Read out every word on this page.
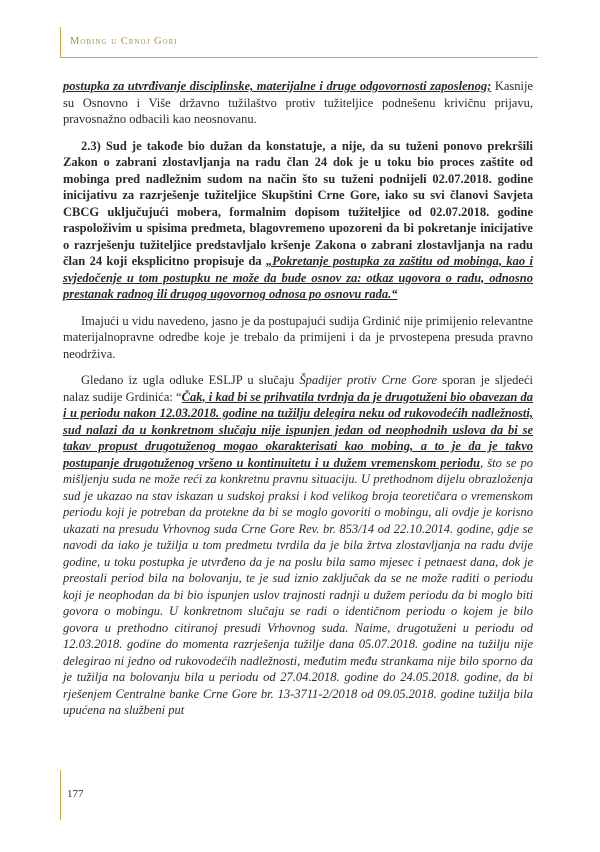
Mobing u Crnoj Gori

postupka za utvrđivanje disciplinske, materijalne i druge odgovornosti zaposlenog; Kasnije su Osnovno i Više državno tužilaštvo protiv tužiteljice podnešenu krivičnu prijavu, pravosnažno odbacili kao neosnovanu.

2.3) Sud je takođe bio dužan da konstatuje, a nije, da su tuženi ponovo prekršili Zakon o zabrani zlostavljanja na radu član 24 dok je u toku bio proces zaštite od mobinga pred nadležnim sudom na način što su tuženi podnijeli 02.07.2018. godine inicijativu za razrješenje tužiteljice Skupštini Crne Gore, iako su svi članovi Savjeta CBCG uključujući mobera, formalnim dopisom tužiteljice od 02.07.2018. godine raspoloživim u spisima predmeta, blagovremeno upozoreni da bi pokretanje inicijative o razrješenju tužiteljice predstavljalo kršenje Zakona o zabrani zlostavljanja na radu član 24 koji eksplicitno propisuje da „Pokretanje postupka za zaštitu od mobinga, kao i svjedočenje u tom postupku ne može da bude osnov za: otkaz ugovora o radu, odnosno prestanak radnog ili drugog ugovornog odnosa po osnovu rada.“

Imajući u vidu navedeno, jasno je da postupajući sudija Grdinić nije primijenio relevantne materijalnopravne odredbe koje je trebalo da primijeni i da je prvostepena presuda pravno neodrživa.

Gledano iz ugla odluke ESLJP u slučaju Špadijer protiv Crne Gore sporan je sljedeći nalaz sudije Grdinića: “Čak, i kad bi se prihvatila tvrdnja da je drugotuženi bio obavezan da i u periodu nakon 12.03.2018. godine na tužilju delegira neku od rukovodećih nadležnosti, sud nalazi da u konkretnom slučaju nije ispunjen jedan od neophodnih uslova da bi se takav propust drugotuženog mogao okarakterisati kao mobing, a to je da je takvo postupanje drugotuženog vršeno u kontinuitetu i u dužem vremenskom periodu, što se po mišljenju suda ne može reći za konkretnu pravnu situaciju. U prethodnom dijelu obrazloženja sud je ukazao na stav iskazan u sudskoj praksi i kod velikog broja teoretičara o vremenskom periodu koji je potreban da protekne da bi se moglo govoriti o mobingu, ali ovdje je korisno ukazati na presudu Vrhovnog suda Crne Gore Rev. br. 853/14 od 22.10.2014. godine, gdje se navodi da iako je tužilja u tom predmetu tvrdila da je bila žrtva zlostavljanja na radu dvije godine, u toku postupka je utvrđeno da je na poslu bila samo mjesec i petnaest dana, dok je preostali period bila na bolovanju, te je sud iznio zaključak da se ne može raditi o periodu koji je neophodan da bi bio ispunjen uslov trajnosti radnji u dužem periodu da bi moglo biti govora o mobingu. U konkretnom slučaju se radi o identičnom periodu o kojem je bilo govora u prethodno citiranoj presudi Vrhovnog suda. Naime, drugotuženi u periodu od 12.03.2018. godine do momenta razrješenja tužilje dana 05.07.2018. godine na tužilju nije delegirao ni jedno od rukovodećih nadležnosti, međutim među strankama nije bilo sporno da je tužilja na bolovanju bila u periodu od 27.04.2018. godine do 24.05.2018. godine, da bi rješenjem Centralne banke Crne Gore br. 13-3711-2/2018 od 09.05.2018. godine tužilja bila upućena na službeni put

177
